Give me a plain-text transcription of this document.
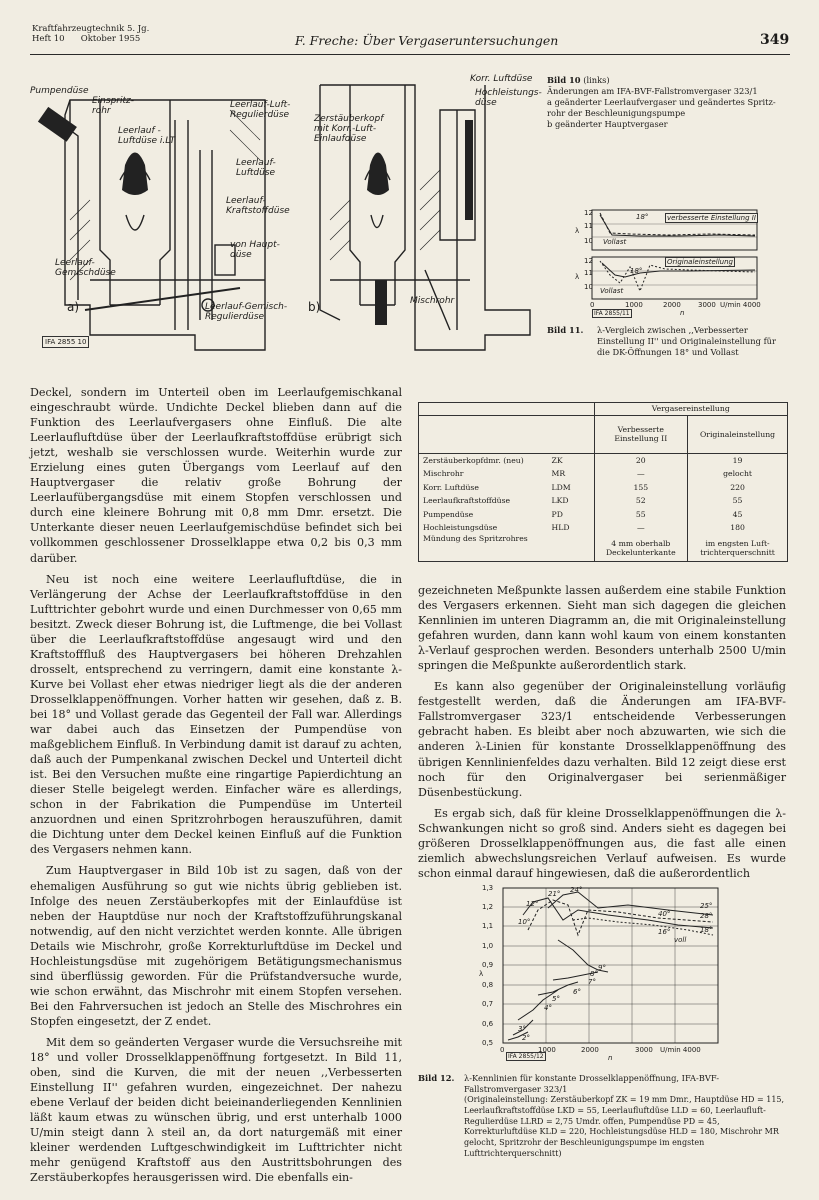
Kraftfahrzeugtechnik 5. Jg.
Heft 10      Oktober 1955	F. Freche: Über Vergaseruntersuchungen	349
Pumpendüse
Einspritz-
rohr
Leerlauf -
Luftdüse i.LT
Leerlauf-Luft-
Regulierdüse
Leerlauf-
Luftdüse
Leerlauf-
Kraftstoffdüse
von Haupt-
düse
Leerlauf-
Gemischdüse
Leerlauf-Gemisch-
Regulierdüse
a)
IFA 2855 10
Korr. Luftdüse
Hochleistungs-
düse
Zerstäuberkopf
mit Korr.-Luft-
Einlaufdüse
Mischrohr
b)
Bild 10 (links)
Änderungen am IFA-BVF-Fallstromvergaser 323/1
a geänderter Leerlaufvergaser und geändertes Spritz-rohr der Beschleunigungspumpe
b geänderter Hauptvergaser
12
11
10
λ
18°	verbesserte Einstellung II
Vollast
12
11
10
λ
18°
Originaleinstellung
Vollast
0	1000	2000 3000 U/min 4000
n
IFA 2855/11
Bild 11.	λ-Vergleich zwischen ,,Verbesserter Einstellung II'' und Originaleinstellung für die DK-Öffnungen 18° und Vollast

Deckel, sondern im Unterteil oben im Leerlaufgemischkanal eingeschraubt würde. Undichte Deckel blieben dann auf die Funktion des Leerlaufvergasers ohne Einfluß. Die alte Leerlaufluftdüse über der Leerlaufkraftstoffdüse erübrigt sich jetzt, weshalb sie verschlossen wurde. Weiterhin wurde zur Erzielung eines guten Übergangs vom Leerlauf auf den Hauptvergaser die relativ große Bohrung der Leerlaufübergangsdüse mit einem Stopfen verschlossen und durch eine kleinere Bohrung mit 0,8 mm Dmr. ersetzt. Die Unterkante dieser neuen Leerlaufgemischdüse befindet sich bei vollkommen geschlossener Drosselklappe etwa 0,2 bis 0,3 mm darüber.

Neu ist noch eine weitere Leerlaufluftdüse, die in Verlängerung der Achse der Leerlaufkraftstoffdüse in den Lufttrichter gebohrt wurde und einen Durchmesser von 0,65 mm besitzt. Zweck dieser Bohrung ist, die Luftmenge, die bei Vollast über die Leerlaufkraftstoffdüse angesaugt wird und den Kraftstofffluß des Hauptvergasers bei höheren Drehzahlen drosselt, entsprechend zu verringern, damit eine konstante λ-Kurve bei Vollast eher etwas niedriger liegt als die der anderen Drosselklappenöffnungen. Vorher hatten wir gesehen, daß z. B. bei 18° und Vollast gerade das Gegenteil der Fall war. Allerdings war dabei auch das Einsetzen der Pumpendüse von maßgeblichem Einfluß. In Verbindung damit ist darauf zu achten, daß auch der Pumpenkanal zwischen Deckel und Unterteil dicht ist. Bei den Versuchen mußte eine ringartige Papierdichtung an dieser Stelle beigelegt werden. Einfacher wäre es allerdings, schon in der Fabrikation die Pumpendüse im Unterteil anzuordnen und einen Spritzrohrbogen herauszuführen, damit die Dichtung unter dem Deckel keinen Einfluß auf die Funktion des Vergasers nehmen kann.

Zum Hauptvergaser in Bild 10b ist zu sagen, daß von der ehemaligen Ausführung so gut wie nichts übrig geblieben ist. Infolge des neuen Zerstäuberkopfes mit der Einlaufdüse ist neben der Hauptdüse nur noch der Kraftstoffzuführungskanal notwendig, auf den nicht verzichtet werden konnte. Alle übrigen Details wie Mischrohr, große Korrekturluftdüse im Deckel und Hochleistungsdüse mit zugehörigem Betätigungsmechanismus sind überflüssig geworden. Für die Prüfstandversuche wurde, wie schon erwähnt, das Mischrohr mit einem Stopfen versehen. Bei den Fahrversuchen ist jedoch an Stelle des Mischrohres ein Stopfen eingesetzt, der Z endet.

Mit dem so geänderten Vergaser wurde die Versuchsreihe mit 18° und voller Drosselklappenöffnung fortgesetzt. In Bild 11, oben, sind die Kurven, die mit der neuen ,,Verbesserten Einstellung II'' gefahren wurden, eingezeichnet. Der nahezu ebene Verlauf der beiden dicht beieinanderliegenden Kennlinien läßt kaum etwas zu wünschen übrig, und erst unterhalb 1000 U/min steigt dann λ steil an, da dort naturgemäß mit einer kleiner werdenden Luftgeschwindigkeit im Lufttrichter nicht mehr genügend Kraftstoff aus den Austrittsbohrungen des Zerstäuberkopfes herausgerissen wird. Die ebenfalls ein-

	Vergasereinstellung	
	Verbesserte
Einstellung II	Originaleinstellung
Zerstäuberkopfdmr. (neu) ZK	20	19
Mischrohr MR	—	gelocht
Korr. Luftdüse LDM	155	220
Leerlaufkraftstoffdüse LKD	52	55
Pumpendüse PD	55	45
Hochleistungsdüse HLD	—	180
Mündung des Spritzrohres	4 mm oberhalb
Deckelunterkante	im engsten Luft-
trichterquerschnitt

gezeichneten Meßpunkte lassen außerdem eine stabile Funktion des Vergasers erkennen. Sieht man sich dagegen die gleichen Kennlinien im unteren Diagramm an, die mit Originaleinstellung gefahren wurden, dann kann wohl kaum von einem konstanten λ-Verlauf gesprochen werden. Besonders unterhalb 2500 U/min springen die Meßpunkte außerordentlich stark.

Es kann also gegenüber der Originaleinstellung vorläufig festgestellt werden, daß die Änderungen am IFA-BVF-Fallstromvergaser 323/1 entscheidende Verbesserungen gebracht haben. Es bleibt aber noch abzuwarten, wie sich die anderen λ-Linien für konstante Drosselklappenöffnung des übrigen Kennlinienfeldes dazu verhalten. Bild 12 zeigt diese erst noch für den Originalvergaser bei serienmäßiger Düsenbestückung.

Es ergab sich, daß für kleine Drosselklappenöffnungen die λ-Schwankungen nicht so groß sind. Anders sieht es dagegen bei größeren Drosselklappenöffnungen aus, die fast alle einen ziemlich abwechslungsreichen Verlauf aufweisen. Es wurde schon einmal darauf hingewiesen, daß die außerordentlich

1,3
1,2
1,1
1,0
0,9
0,8
0,7
0,6
0,5
λ
12°
21° 24°
25°
40°	28°
16°
voll
18°
10°
9°
8°
7°
6°
5°
4°
3°
2°
0	1000	2000	3000 U/min 4000
n
IFA 2855/12
Bild 12.	λ-Kennlinien für konstante Drosselklappenöffnung, IFA-BVF-Fallstromvergaser 323/1
(Originaleinstellung: Zerstäuberkopf ZK = 19 mm Dmr., Hauptdüse HD = 115, Leerlaufkraftstoffdüse LKD = 55, Leerlaufluftdüse LLD = 60, Leerlaufluft-Regulierdüse LLRD = 2,75 Umdr. offen, Pumpendüse PD = 45, Korrekturluftdüse KLD = 220, Hochleistungsdüse HLD = 180, Mischrohr MR gelocht, Spritzrohr der Beschleunigungspumpe im engsten Lufttrichterquerschnitt)
